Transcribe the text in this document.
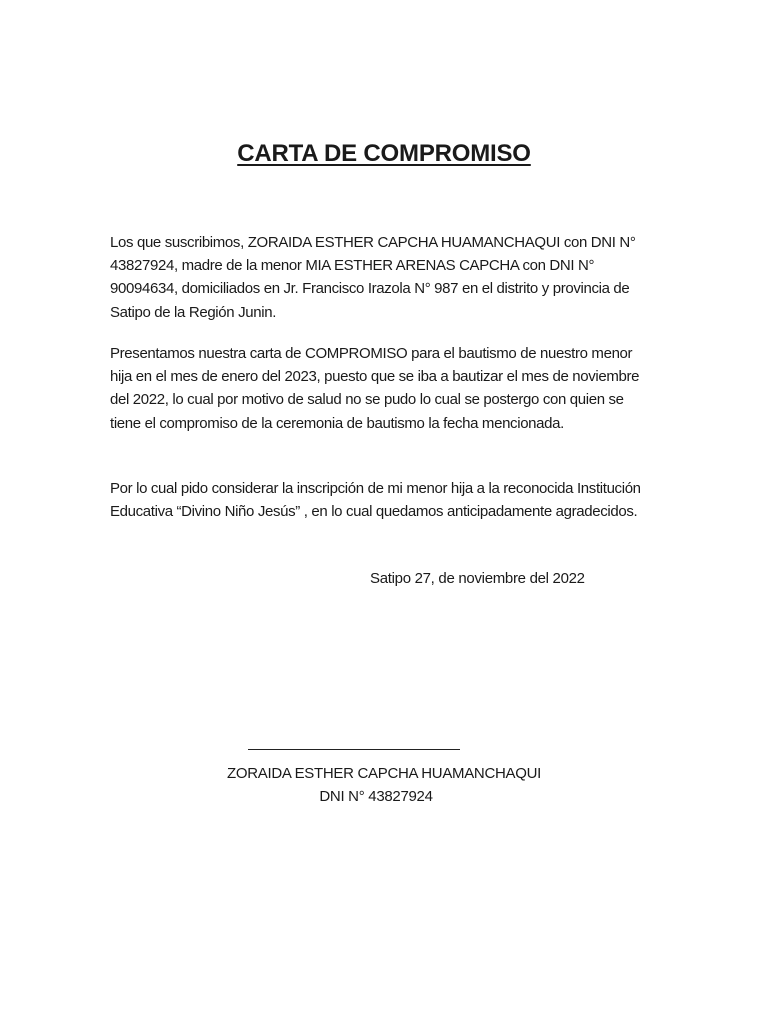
CARTA DE COMPROMISO

Los que suscribimos, ZORAIDA ESTHER CAPCHA HUAMANCHAQUI con DNI N° 43827924, madre de la menor MIA ESTHER ARENAS CAPCHA con DNI N° 90094634, domiciliados en Jr. Francisco Irazola N° 987 en el distrito y provincia de Satipo de la Región Junin.

Presentamos nuestra carta de COMPROMISO para el bautismo de nuestro menor hija en el mes de enero del 2023, puesto que se iba a bautizar el mes de noviembre del 2022, lo cual por motivo de salud no se pudo lo cual se postergo con quien se tiene el compromiso de la ceremonia de bautismo la fecha mencionada.

Por lo cual pido considerar la inscripción de mi menor hija a la reconocida Institución Educativa “Divino Niño Jesús” , en lo cual quedamos anticipadamente agradecidos.

Satipo 27, de noviembre del 2022
ZORAIDA ESTHER CAPCHA HUAMANCHAQUI
DNI N° 43827924
